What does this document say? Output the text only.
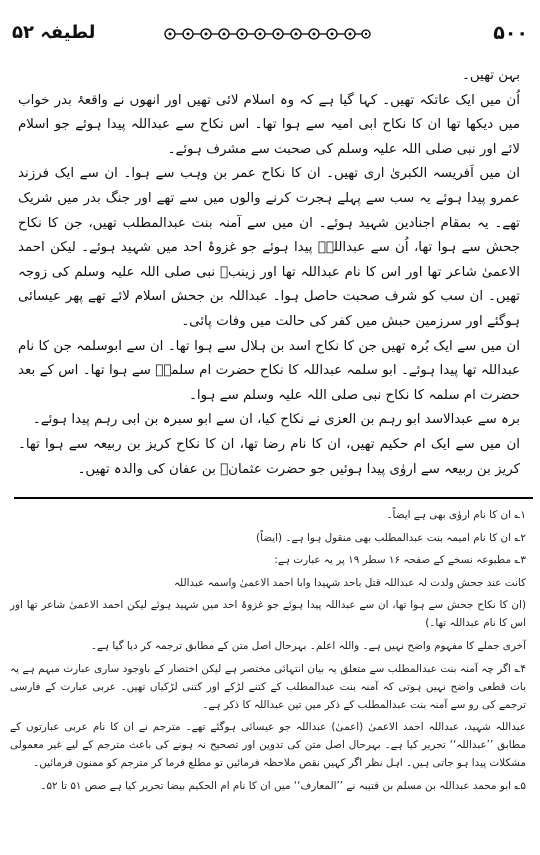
لطیفہ ۵۲	۵۰۰

بہن تھیں۔

اُن میں ایک عاتکہ تھیں۔ کہا گیا ہے کہ وہ اسلام لائی تھیں اور انھوں نے واقعۂ بدر خواب میں دیکھا تھا ان کا نکاح ابی امیہ سے ہوا تھا۔ اس نکاح سے عبداللہ پیدا ہوئے جو اسلام لائے اور نبی صلی اللہ علیہ وسلم کی صحبت سے مشرف ہوئے۔

ان میں اَفریسہ الکبریٰ اری تھیں۔ ان کا نکاح عمر بن وہب سے ہوا۔ ان سے ایک فرزند عمرو پیدا ہوئے یہ سب سے پہلے ہجرت کرنے والوں میں سے تھے اور جنگ بدر میں شریک تھے۔ یہ بمقام اجنادین شہید ہوئے۔ ان میں سے آمنہ بنت عبدالمطلب تھیں، جن کا نکاح جحش سے ہوا تھا، اُن سے عبداللہؓ پیدا ہوئے جو غزوۂ احد میں شہید ہوئے۔ لیکن احمد الاعمیٰ شاعر تھا اور اس کا نام عبداللہ تھا اور زینبؓ نبی صلی اللہ علیہ وسلم کی زوجہ تھیں۔ ان سب کو شرف صحبت حاصل ہوا۔ عبداللہ بن جحش اسلام لائے تھے پھر عیسائی ہوگئے اور سرزمین حبش میں کفر کی حالت میں وفات پائی۔

ان میں سے ایک بُرہ تھیں جن کا نکاح اسد بن ہلال سے ہوا تھا۔ ان سے ابوسلمہ جن کا نام عبداللہ تھا پیدا ہوئے۔ ابو سلمہ عبداللہ کا نکاح حضرت ام سلمہؓ سے ہوا تھا۔ اس کے بعد حضرت ام سلمہ کا نکاح نبی صلی اللہ علیہ وسلم سے ہوا۔

برہ سے عبدالاسد ابو رہم بن العزی نے نکاح کیا، ان سے ابو سبرہ بن ابی رہم پیدا ہوئے۔

ان میں سے ایک ام حکیم تھیں، ان کا نام رضا تھا، ان کا نکاح کریز بن ربیعہ سے ہوا تھا۔ کریز بن ربیعہ سے اروٰی پیدا ہوئیں جو حضرت عثمانؓ بن عفان کی والدہ تھیں۔

۱؎ ان کا نام اروٰی بھی ہے ایضاً۔

۲؎ ان کا نام امیمہ بنت عبدالمطلب بھی منقول ہوا ہے۔ (ایضاً)

۳؎ مطبوعہ نسخے کے صفحہ ۱۶ سطر ۱۹ پر یہ عبارت ہے:

کانت عند جحش ولدت لہ عبداللہ قتل باحد شہیدا وابا احمد الاعمیٰ واسمہ عبداللہ

(ان کا نکاح جحش سے ہوا تھا، ان سے عبداللہ پیدا ہوئے جو غزوۂ احد میں شہید ہوئے لیکن احمد الاعمیٰ شاعر تھا اور اس کا نام عبداللہ تھا۔)

آخری جملے کا مفہوم واضح نہیں ہے۔ واللہ اعلم۔ بہرحال اصل متن کے مطابق ترجمہ کر دیا گیا ہے۔

۴؎ اگر چہ آمنہ بنت عبدالمطلب سے متعلق یہ بیان انتہائی مختصر ہے لیکن اختصار کے باوجود ساری عبارت مبہم ہے یہ بات قطعی واضح نہیں ہوتی کہ آمنہ بنت عبدالمطلب کے کتنے لڑکے اور کتنی لڑکیاں تھیں۔ عربی عبارت کے فارسی ترجمے کی رو سے آمنہ بنت عبدالمطلب کے ذکر میں تین عبداللہ کا ذکر ہے۔

عبداللہ شہید، عبداللہ احمد الاعمیٰ (اعمیٰ) عبداللہ جو عیسائی ہوگئے تھے۔ مترجم نے ان کا نام عربی عبارتوں کے مطابق ’’عبداللہ‘‘ تحریر کیا ہے۔ بہرحال اصل متن کی تدوین اور تصحیح نہ ہونے کی باعث مترجم کے لیے غیر معمولی مشکلات پیدا ہو جاتی ہیں۔ اہل نظر اگر کہیں نقص ملاحظہ فرمائیں تو مطلع فرما کر مترجم کو ممنون فرمائیں۔

۵؎ ابو محمد عبداللہ بن مسلم بن قتیبہ نے ’’المعارف‘‘ میں ان کا نام ام الحکیم بیضا تحریر کیا ہے صص ۵۱ تا ۵۲۔
